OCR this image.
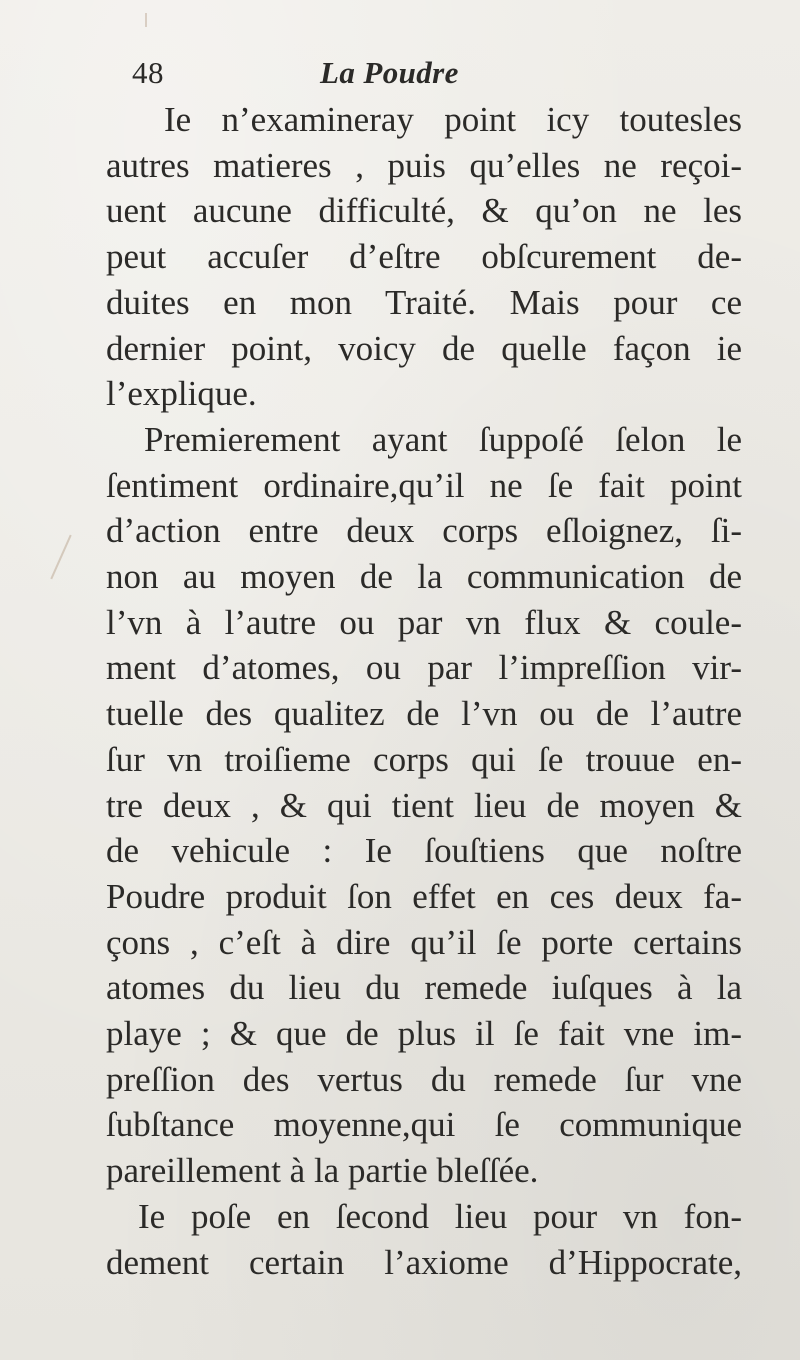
48	La Poudre
Ie n’examineray point icy toutesles
autres matieres , puis qu’elles ne reçoi-
uent aucune difficulté, & qu’on ne les
peut accuſer d’eſtre obſcurement de-
duites en mon Traité. Mais pour ce
dernier point, voicy de quelle façon ie
l’explique.
Premierement ayant ſuppoſé ſelon le
ſentiment ordinaire,qu’il ne ſe fait point
d’action entre deux corps eſloignez, ſi-
non au moyen de la communication de
l’vn à l’autre ou par vn flux & coule-
ment d’atomes, ou par l’impreſſion vir-
tuelle des qualitez de l’vn ou de l’autre
ſur vn troiſieme corps qui ſe trouue en-
tre deux , & qui tient lieu de moyen &
de vehicule : Ie ſouſtiens que noſtre
Poudre produit ſon effet en ces deux fa-
çons , c’eſt à dire qu’il ſe porte certains
atomes du lieu du remede iuſques à la
playe ; & que de plus il ſe fait vne im-
preſſion des vertus du remede ſur vne
ſubſtance moyenne,qui ſe communique
pareillement à la partie bleſſée.
Ie poſe en ſecond lieu pour vn fon-
dement certain l’axiome d’Hippocrate,
